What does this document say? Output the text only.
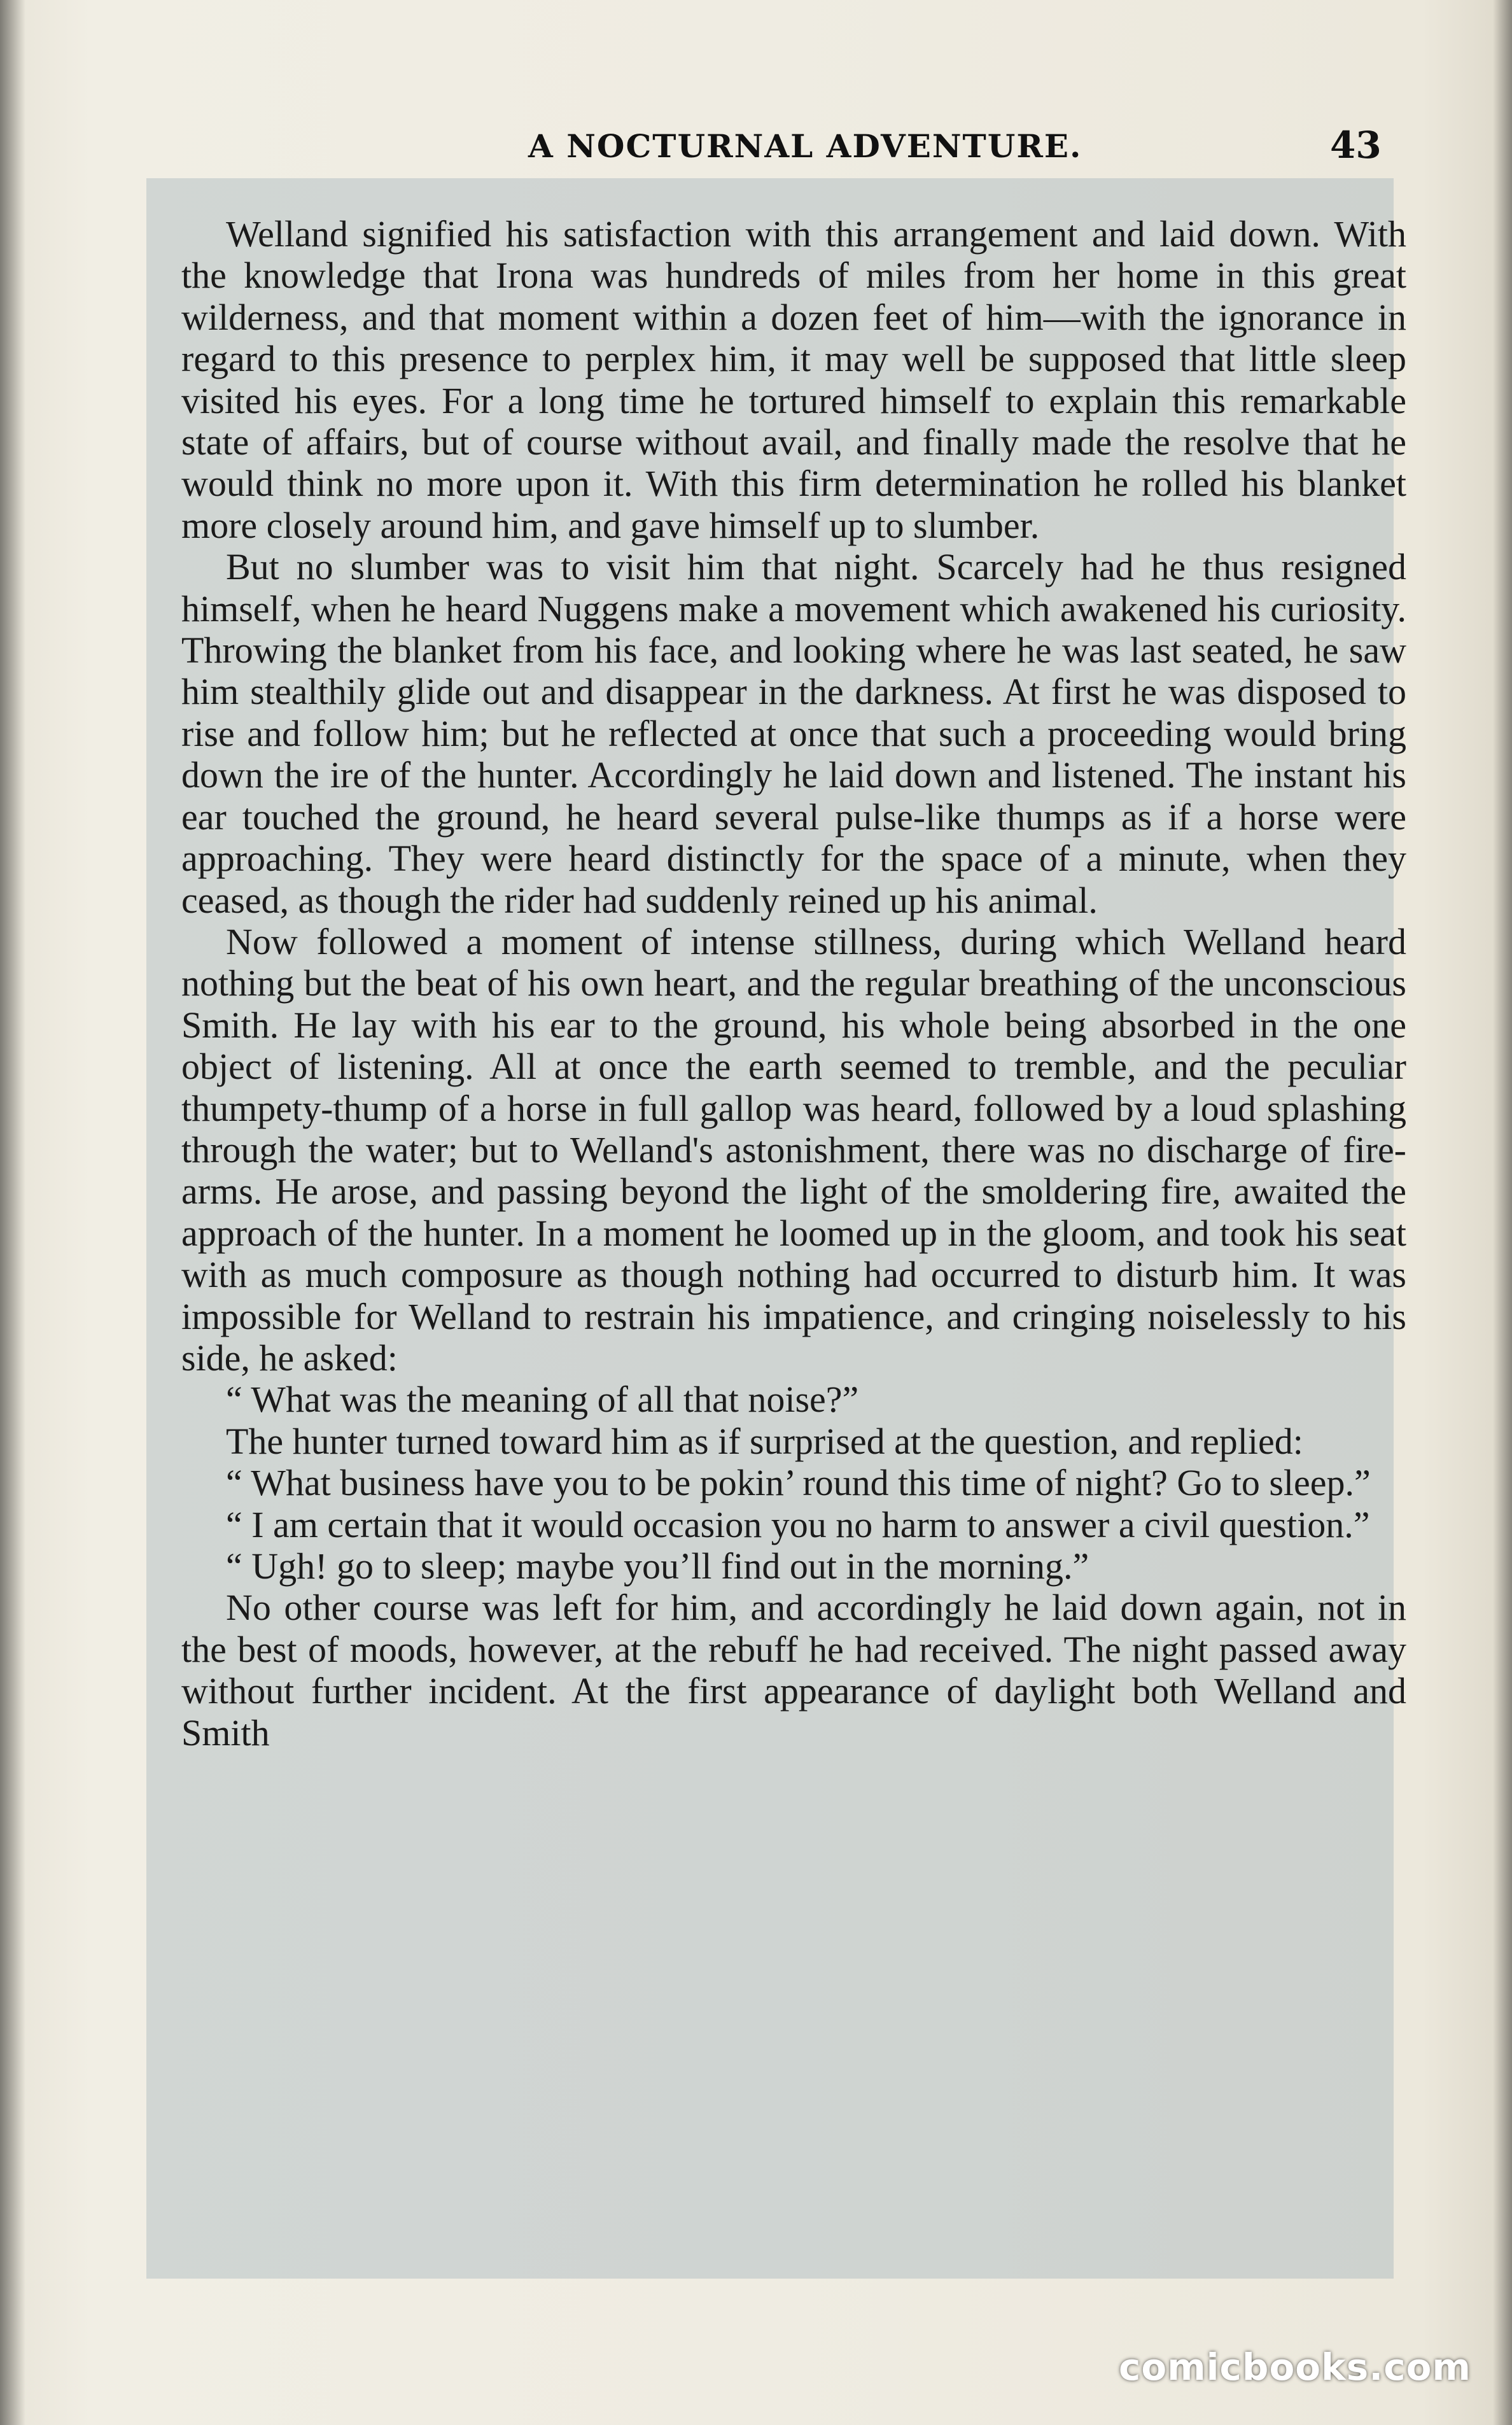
A NOCTURNAL ADVENTURE.	43

Welland signified his satisfaction with this arrangement and laid down. With the knowledge that Irona was hundreds of miles from her home in this great wilderness, and that moment within a dozen feet of him—with the ignorance in regard to this presence to perplex him, it may well be supposed that little sleep visited his eyes. For a long time he tortured himself to explain this remarkable state of affairs, but of course without avail, and finally made the resolve that he would think no more upon it. With this firm determination he rolled his blanket more closely around him, and gave himself up to slumber.

But no slumber was to visit him that night. Scarcely had he thus resigned himself, when he heard Nuggens make a movement which awakened his curiosity. Throwing the blanket from his face, and looking where he was last seated, he saw him stealthily glide out and disappear in the darkness. At first he was disposed to rise and follow him; but he reflected at once that such a proceeding would bring down the ire of the hunter. Accordingly he laid down and listened. The instant his ear touched the ground, he heard several pulse-like thumps as if a horse were approaching. They were heard distinctly for the space of a minute, when they ceased, as though the rider had suddenly reined up his animal.

Now followed a moment of intense stillness, during which Welland heard nothing but the beat of his own heart, and the regular breathing of the unconscious Smith. He lay with his ear to the ground, his whole being absorbed in the one object of listening. All at once the earth seemed to tremble, and the peculiar thumpety-thump of a horse in full gallop was heard, followed by a loud splashing through the water; but to Welland's astonishment, there was no discharge of fire-arms. He arose, and passing beyond the light of the smoldering fire, awaited the approach of the hunter. In a moment he loomed up in the gloom, and took his seat with as much composure as though nothing had occurred to disturb him. It was impossible for Welland to restrain his impatience, and cringing noiselessly to his side, he asked:

“ What was the meaning of all that noise?”

The hunter turned toward him as if surprised at the question, and replied:

“ What business have you to be pokin’ round this time of night? Go to sleep.”

“ I am certain that it would occasion you no harm to answer a civil question.”

“ Ugh! go to sleep; maybe you’ll find out in the morning.”

No other course was left for him, and accordingly he laid down again, not in the best of moods, however, at the rebuff he had received. The night passed away without further incident. At the first appearance of daylight both Welland and Smith

comicbooks.com
